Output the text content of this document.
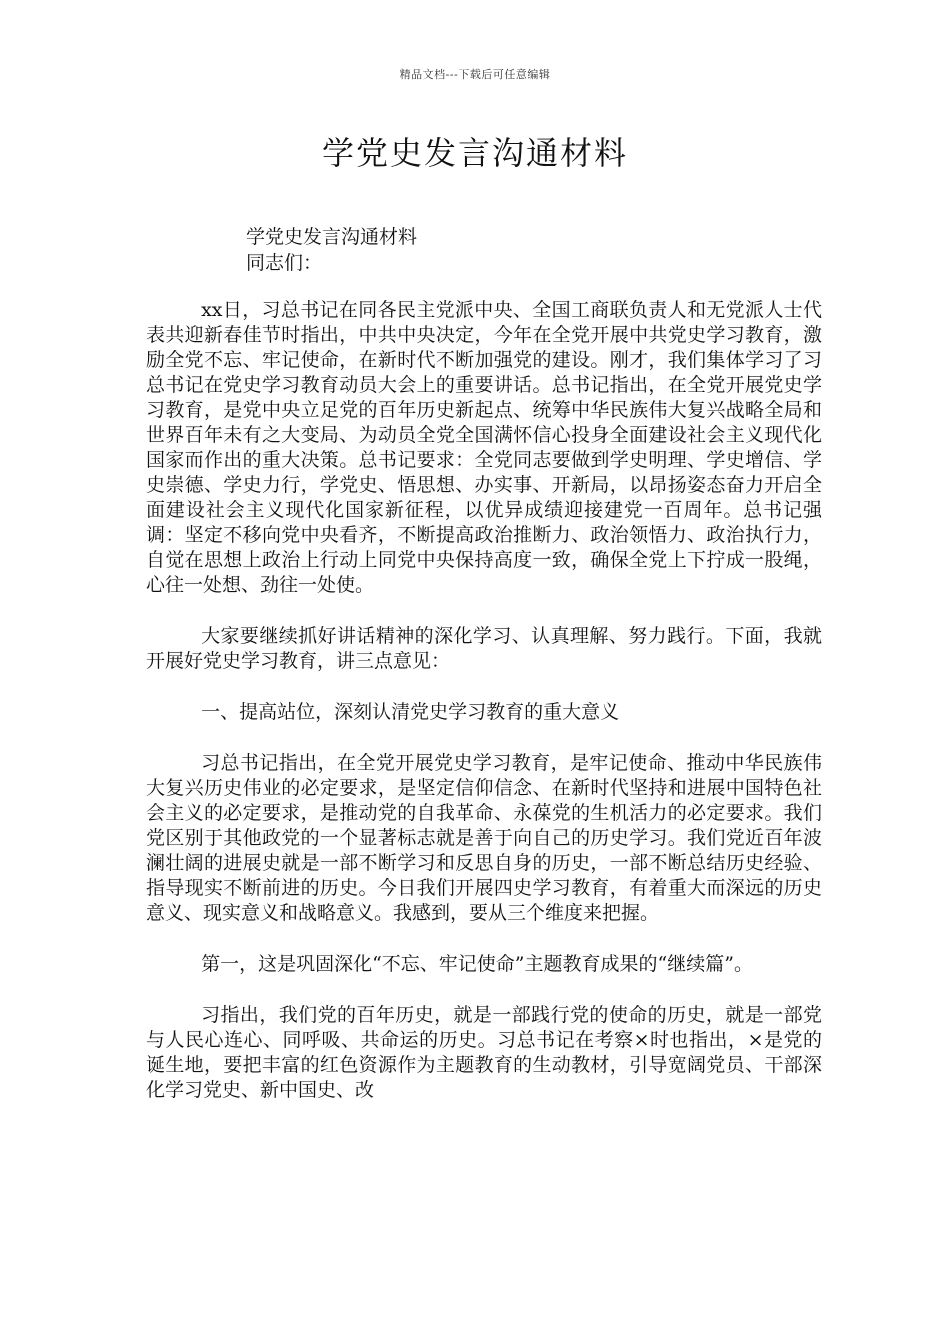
精品文档---下载后可任意编辑
学党史发言沟通材料
学党史发言沟通材料
同志们：

xx日，习总书记在同各民主党派中央、全国工商联负责人和无党派人士代表共迎新春佳节时指出，中共中央决定，今年在全党开展中共党史学习教育，激励全党不忘、牢记使命，在新时代不断加强党的建设。刚才，我们集体学习了习总书记在党史学习教育动员大会上的重要讲话。总书记指出，在全党开展党史学习教育，是党中央立足党的百年历史新起点、统筹中华民族伟大复兴战略全局和世界百年未有之大变局、为动员全党全国满怀信心投身全面建设社会主义现代化国家而作出的重大决策。总书记要求：全党同志要做到学史明理、学史增信、学史崇德、学史力行，学党史、悟思想、办实事、开新局，以昂扬姿态奋力开启全面建设社会主义现代化国家新征程，以优异成绩迎接建党一百周年。总书记强调：坚定不移向党中央看齐，不断提高政治推断力、政治领悟力、政治执行力，自觉在思想上政治上行动上同党中央保持高度一致，确保全党上下拧成一股绳，心往一处想、劲往一处使。

大家要继续抓好讲话精神的深化学习、认真理解、努力践行。下面，我就开展好党史学习教育，讲三点意见：

一、提高站位，深刻认清党史学习教育的重大意义

习总书记指出，在全党开展党史学习教育，是牢记使命、推动中华民族伟大复兴历史伟业的必定要求，是坚定信仰信念、在新时代坚持和进展中国特色社会主义的必定要求，是推动党的自我革命、永葆党的生机活力的必定要求。我们党区别于其他政党的一个显著标志就是善于向自己的历史学习。我们党近百年波澜壮阔的进展史就是一部不断学习和反思自身的历史，一部不断总结历史经验、指导现实不断前进的历史。今日我们开展四史学习教育，有着重大而深远的历史意义、现实意义和战略意义。我感到，要从三个维度来把握。

第一，这是巩固深化“不忘、牢记使命”主题教育成果的“继续篇”。

习指出，我们党的百年历史，就是一部践行党的使命的历史，就是一部党与人民心连心、同呼吸、共命运的历史。习总书记在考察×时也指出，×是党的诞生地，要把丰富的红色资源作为主题教育的生动教材，引导宽阔党员、干部深化学习党史、新中国史、改
